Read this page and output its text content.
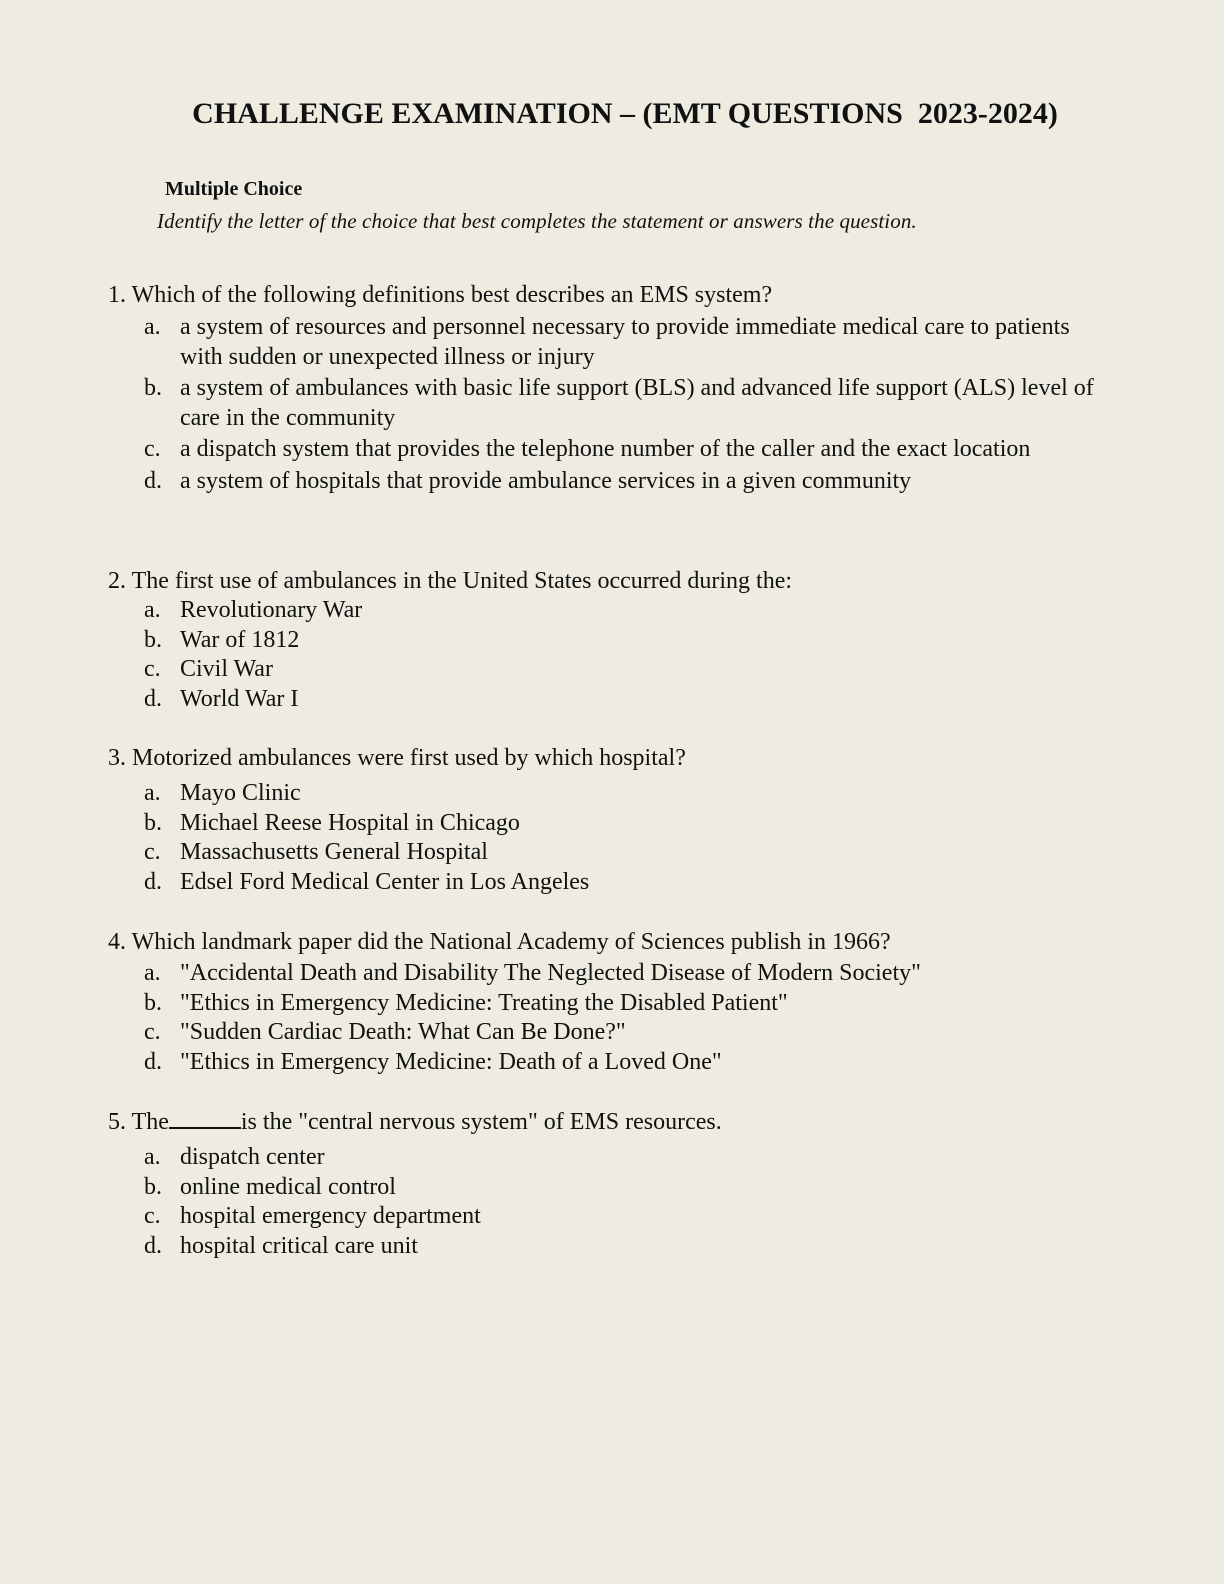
CHALLENGE EXAMINATION – (EMT QUESTIONS  2023-2024)
Multiple Choice
Identify the letter of the choice that best completes the statement or answers the question.
1. Which of the following definitions best describes an EMS system?
a. a system of resources and personnel necessary to provide immediate medical care to patients with sudden or unexpected illness or injury
b. a system of ambulances with basic life support (BLS) and advanced life support (ALS) level of care in the community
c. a dispatch system that provides the telephone number of the caller and the exact location
d. a system of hospitals that provide ambulance services in a given community
2. The first use of ambulances in the United States occurred during the:
a. Revolutionary War
b. War of 1812
c. Civil War
d. World War I
3. Motorized ambulances were first used by which hospital?
a. Mayo Clinic
b. Michael Reese Hospital in Chicago
c. Massachusetts General Hospital
d. Edsel Ford Medical Center in Los Angeles
4. Which landmark paper did the National Academy of Sciences publish in 1966?
a. "Accidental Death and Disability The Neglected Disease of Modern Society"
b. "Ethics in Emergency Medicine: Treating the Disabled Patient"
c. "Sudden Cardiac Death: What Can Be Done?"
d. "Ethics in Emergency Medicine: Death of a Loved One"
5. The	is the "central nervous system" of EMS resources.
a. dispatch center
b. online medical control
c. hospital emergency department
d. hospital critical care unit
